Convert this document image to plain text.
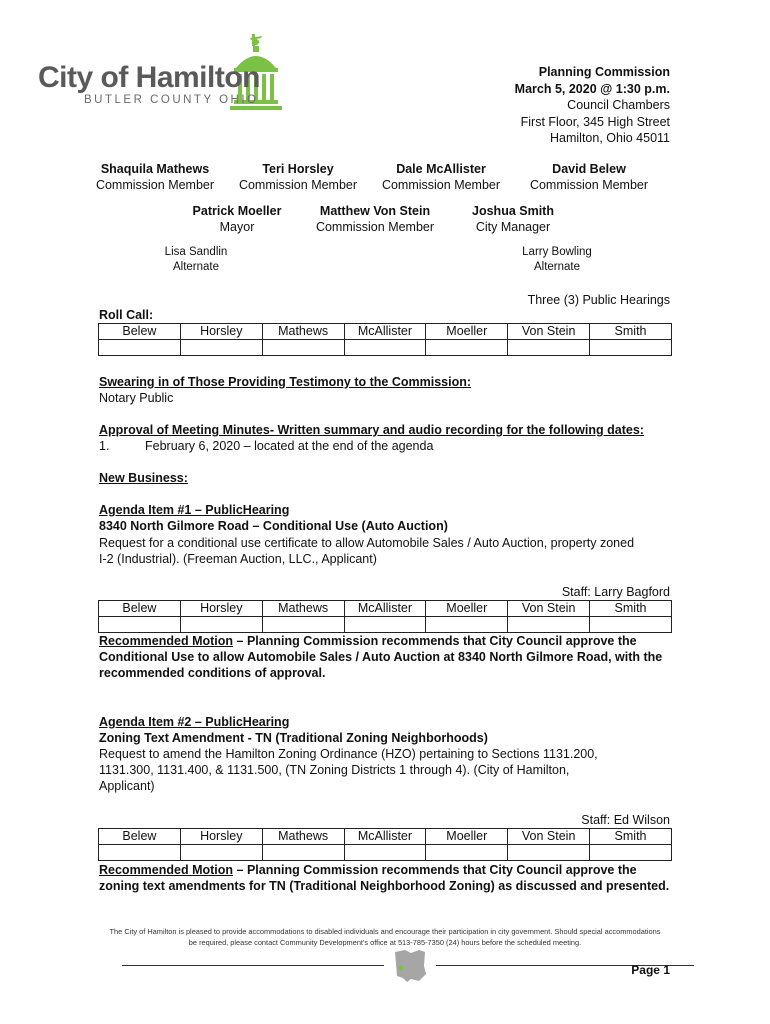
City of Hamilton
BUTLER COUNTY OHIO
Planning Commission
March 5, 2020 @ 1:30 p.m.
Council Chambers
First Floor, 345 High Street
Hamilton, Ohio 45011
Shaquila Mathews
Commission Member
Teri Horsley
Commission Member
Dale McAllister
Commission Member
David Belew
Commission Member
Patrick Moeller
Mayor
Matthew Von Stein
Commission Member
Joshua Smith
City Manager
Lisa Sandlin
Alternate
Larry Bowling
Alternate
Three (3) Public Hearings
Roll Call:
Belew	Horsley	Mathews	McAllister	Moeller	Von Stein	Smith

Swearing in of Those Providing Testimony to the Commission:
Notary Public
Approval of Meeting Minutes- Written summary and audio recording for the following dates:
1.	February 6, 2020 – located at the end of the agenda
New Business:
Agenda Item #1 – PublicHearing
8340 North Gilmore Road – Conditional Use (Auto Auction)
Request for a conditional use certificate to allow Automobile Sales / Auto Auction, property zoned
I-2 (Industrial). (Freeman Auction, LLC., Applicant)
Staff: Larry Bagford
Belew	Horsley	Mathews	McAllister	Moeller	Von Stein	Smith

Recommended Motion – Planning Commission recommends that City Council approve the
Conditional Use to allow Automobile Sales / Auto Auction at 8340 North Gilmore Road, with the
recommended conditions of approval.
Agenda Item #2 – PublicHearing
Zoning Text Amendment - TN (Traditional Zoning Neighborhoods)
Request to amend the Hamilton Zoning Ordinance (HZO) pertaining to Sections 1131.200,
1131.300, 1131.400, & 1131.500, (TN Zoning Districts 1 through 4). (City of Hamilton,
Applicant)
Staff: Ed Wilson
Belew	Horsley	Mathews	McAllister	Moeller	Von Stein	Smith

Recommended Motion – Planning Commission recommends that City Council approve the
zoning text amendments for TN (Traditional Neighborhood Zoning) as discussed and presented.
The City of Hamilton is pleased to provide accommodations to disabled individuals and encourage their participation in city government. Should special accommodations
be required, please contact Community Development's office at 513-785-7350 (24) hours before the scheduled meeting.
Page 1
